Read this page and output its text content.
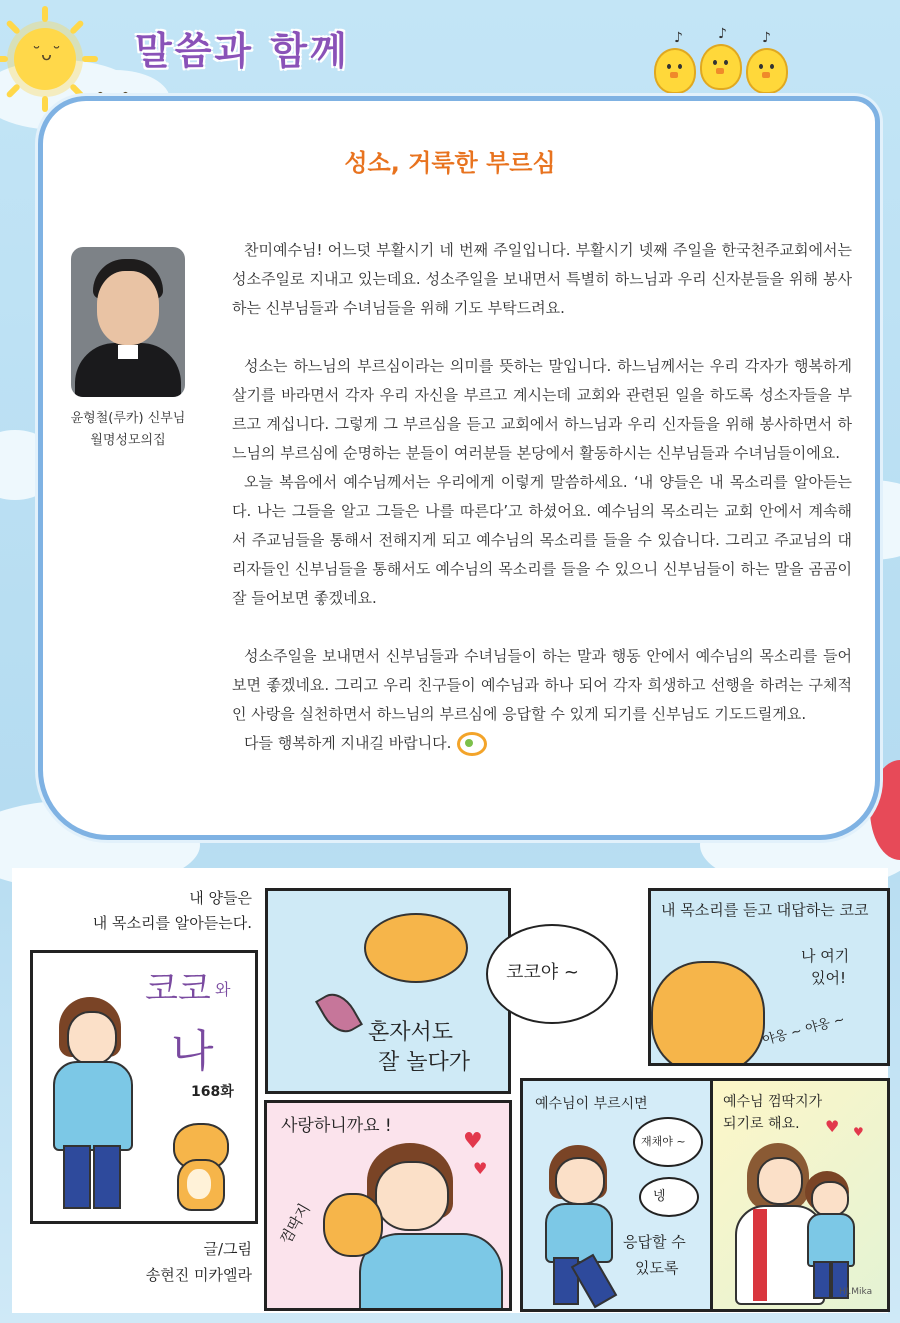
˘ᴗ˘ 말씀과 함께	♪	♪	♪
성소, 거룩한 부르심
윤형철(루카) 신부님
월명성모의집

찬미예수님! 어느덧 부활시기 네 번째 주일입니다. 부활시기 넷째 주일을 한국천주교회에서는 성소주일로 지내고 있는데요. 성소주일을 보내면서 특별히 하느님과 우리 신자분들을 위해 봉사하는 신부님들과 수녀님들을 위해 기도 부탁드려요.

성소는 하느님의 부르심이라는 의미를 뜻하는 말입니다. 하느님께서는 우리 각자가 행복하게 살기를 바라면서 각자 우리 자신을 부르고 계시는데 교회와 관련된 일을 하도록 성소자들을 부르고 계십니다. 그렇게 그 부르심을 듣고 교회에서 하느님과 우리 신자들을 위해 봉사하면서 하느님의 부르심에 순명하는 분들이 여러분들 본당에서 활동하시는 신부님들과 수녀님들이에요.

오늘 복음에서 예수님께서는 우리에게 이렇게 말씀하세요. ‘내 양들은 내 목소리를 알아듣는다. 나는 그들을 알고 그들은 나를 따른다’고 하셨어요. 예수님의 목소리는 교회 안에서 계속해서 주교님들을 통해서 전해지게 되고 예수님의 목소리를 들을 수 있습니다. 그리고 주교님의 대리자들인 신부님들을 통해서도 예수님의 목소리를 들을 수 있으니 신부님들이 하는 말을 곰곰이 잘 들어보면 좋겠네요.

성소주일을 보내면서 신부님들과 수녀님들이 하는 말과 행동 안에서 예수님의 목소리를 들어보면 좋겠네요. 그리고 우리 친구들이 예수님과 하나 되어 각자 희생하고 선행을 하려는 구체적인 사랑을 실천하면서 하느님의 부르심에 응답할 수 있게 되기를 신부님도 기도드릴게요.

다들 행복하게 지내길 바랍니다.

내 양들은
내 목소리를 알아듣는다.
코코 와
나
168화
글/그림
송현진 미카엘라
혼자서도
잘 놀다가
코코야 ~
내 목소리를 듣고 대답하는 코코
나 여기
있어!
야옹 ~ 야옹 ~
사랑하니까요 !
♥
♥
껌딱지
예수님이 부르시면
재채야 ~
넹
응답할 수
있도록
예수님 껌딱지가
되기로 해요. ♥ ♥
HJ.Mika
